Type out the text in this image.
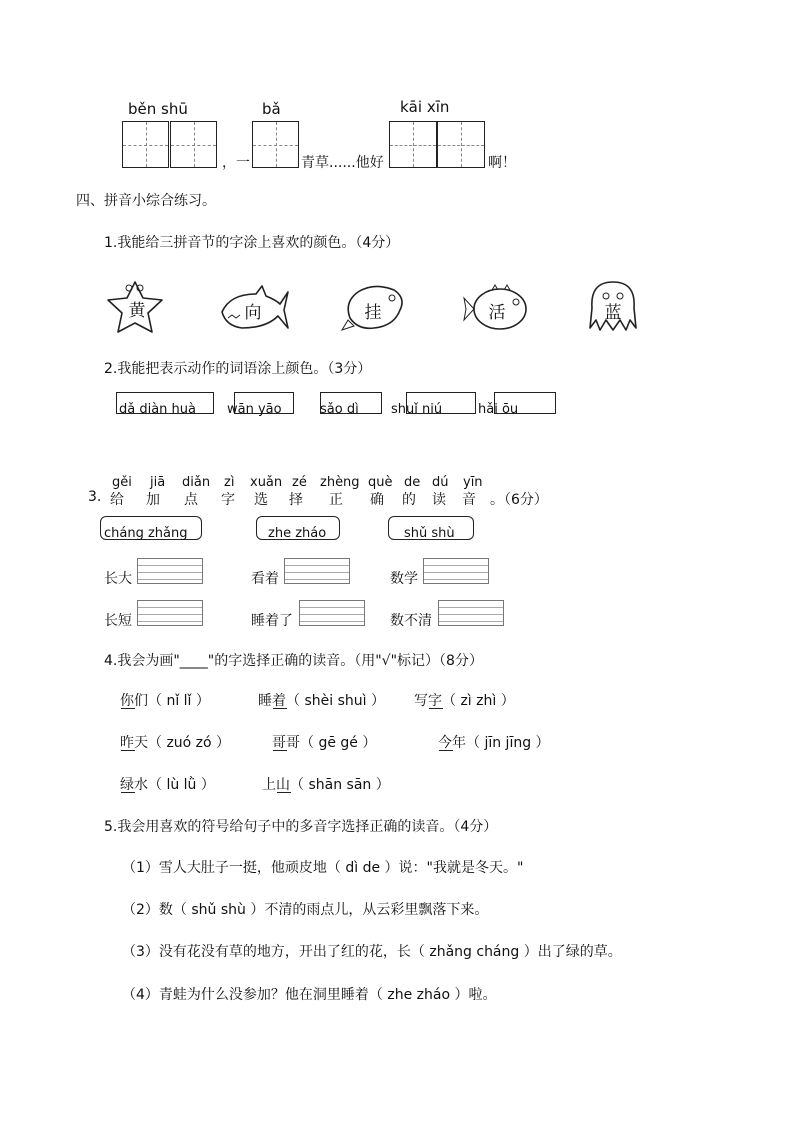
běn shū	bǎ	kāi xīn
，一	青草......他好	啊！
四、拼音小综合练习。
1.我能给三拼音节的字涂上喜欢的颜色。（4分）
黄	向	挂	活	蓝
2.我能把表示动作的词语涂上颜色。（3分）
dǎ diàn huà wān yāo	sǎo dì shuǐ niú	hǎi ōu
gěi jiā diǎn zì xuǎn zé zhèng què de dú yīn
3. 给 加 点 字 选 择 正 确 的 读 音 。（6分）
cháng zhǎng	zhe zháo	shǔ shù
长大	看着	数学
长短	睡着了	数不清
4.我会为画"____"的字选择正确的读音。（用"√"标记）（8分）
你们（ nǐ lǐ ）	睡着（ shèi shuì ） 写字（ zì zhì ）
昨天（ zuó zó ）	哥哥（ gē gé ）	今年（ jīn jīng ）
绿水（ lù lǜ ）	上山（ shān sān ）
5.我会用喜欢的符号给句子中的多音字选择正确的读音。（4分）
（1）雪人大肚子一挺，他顽皮地（ dì de ）说："我就是冬天。"
（2）数（ shǔ shù ）不清的雨点儿，从云彩里飘落下来。
（3）没有花没有草的地方，开出了红的花，长（ zhǎng cháng ）出了绿的草。
（4）青蛙为什么没参加？他在洞里睡着（ zhe zháo ）啦。
